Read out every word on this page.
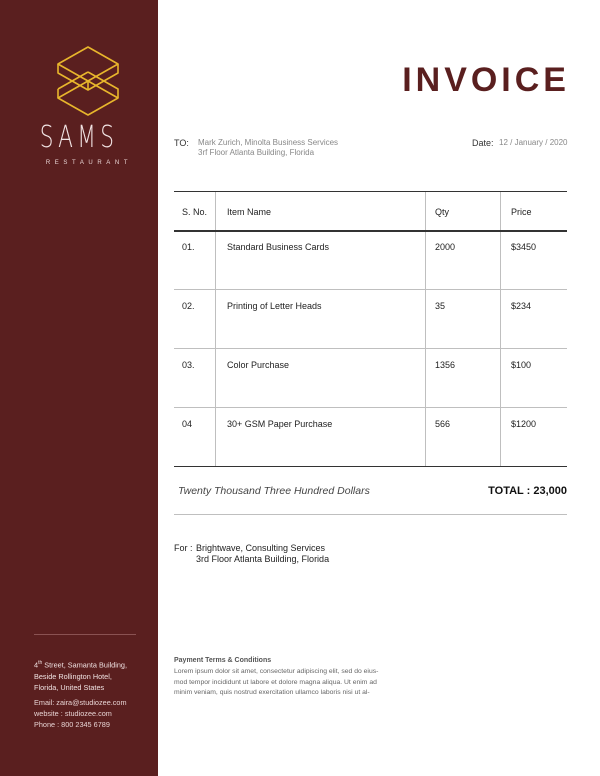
SAMS
RESTAURANT
4th Street, Samanta Building,
Beside Rollington Hotel,
Florida, United States
Email: zaira@studiozee.com
website : studiozee.com
Phone : 800 2345 6789
INVOICE
TO: Mark Zurich, Minolta Business Services
3rf Floor Atlanta Building, Florida
Date: 12 / January / 2020
S. No. Item Name	Qty	Price
01.	Standard Business Cards	2000	$3450
02.	Printing of Letter Heads	35	$234
03.	Color Purchase	1356	$100
04	30+ GSM Paper Purchase	566	$1200
Twenty Thousand Three Hundred Dollars	TOTAL : 23,000
For : Brightwave, Consulting Services
3rd Floor Atlanta Building, Florida
Payment Terms & Conditions
Lorem ipsum dolor sit amet, consectetur adipiscing elit, sed do eius-
mod tempor incididunt ut labore et dolore magna aliqua. Ut enim ad
minim veniam, quis nostrud exercitation ullamco laboris nisi ut al-
